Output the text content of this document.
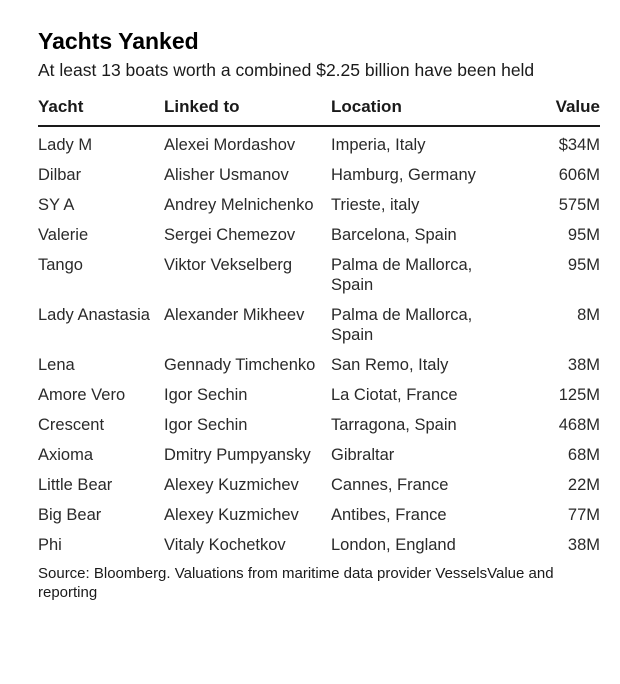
Yachts Yanked

At least 13 boats worth a combined $2.25 billion have been held

Yacht	Linked to	Location	Value
Lady M	Alexei Mordashov	Imperia, Italy	$34M
Dilbar	Alisher Usmanov	Hamburg, Germany	606M
SY A	Andrey Melnichenko	Trieste, italy	575M
Valerie	Sergei Chemezov	Barcelona, Spain	95M
Tango	Viktor Vekselberg	Palma de Mallorca, Spain	95M
Lady Anastasia	Alexander Mikheev	Palma de Mallorca, Spain	8M
Lena	Gennady Timchenko	San Remo, Italy	38M
Amore Vero	Igor Sechin	La Ciotat, France	125M
Crescent	Igor Sechin	Tarragona, Spain	468M
Axioma	Dmitry Pumpyansky	Gibraltar	68M
Little Bear	Alexey Kuzmichev	Cannes, France	22M
Big Bear	Alexey Kuzmichev	Antibes, France	77M
Phi	Vitaly Kochetkov	London, England	38M
Source: Bloomberg. Valuations from maritime data provider VesselsValue and reporting
